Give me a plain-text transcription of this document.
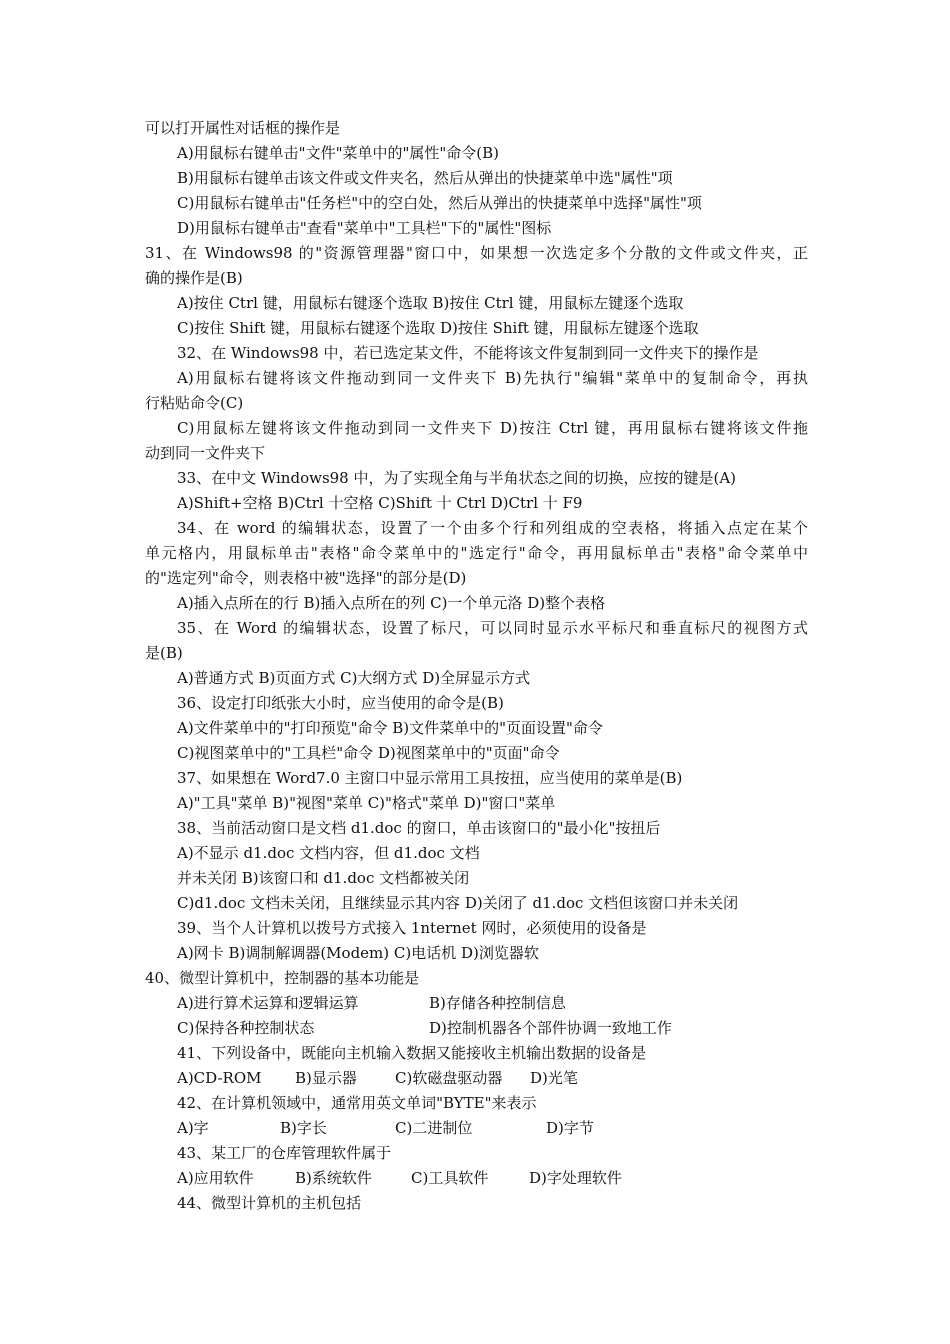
可以打开属性对话框的操作是
A)用鼠标右键单击"文件"菜单中的"属性"命令(B)
B)用鼠标右键单击该文件或文件夹名，然后从弹出的快捷菜单中选"属性"项
C)用鼠标右键单击"任务栏"中的空白处，然后从弹出的快捷菜单中选择"属性"项
D)用鼠标右键单击"查看"菜单中"工具栏"下的"属性"图标
31、在 Windows98 的"资源管理器"窗口中，如果想一次选定多个分散的文件或文件夹，正
确的操作是(B)
A)按住 Ctrl 键，用鼠标右键逐个选取 B)按住 Ctrl 键，用鼠标左键逐个选取
C)按住 Shift 键，用鼠标右键逐个选取 D)按住 Shift 键，用鼠标左键逐个选取
32、在 Windows98 中，若已选定某文件，不能将该文件复制到同一文件夹下的操作是
A)用鼠标右键将该文件拖动到同一文件夹下 B)先执行"编辑"菜单中的复制命令，再执
行粘贴命令(C)
C)用鼠标左键将该文件拖动到同一文件夹下 D)按注 Ctrl 键，再用鼠标右键将该文件拖
动到同一文件夹下
33、在中文 Windows98 中，为了实现全角与半角状态之间的切换，应按的键是(A)
A)Shift+空格 B)Ctrl 十空格 C)Shift 十 Ctrl D)Ctrl 十 F9
34、在 word 的编辑状态，设置了一个由多个行和列组成的空表格，将插入点定在某个
单元格内，用鼠标单击"表格"命令菜单中的"选定行"命令，再用鼠标单击"表格"命令菜单中
的"选定列"命令，则表格中被"选择"的部分是(D)
A)插入点所在的行 B)插入点所在的列 C)一个单元洛 D)整个表格
35、在 Word 的编辑状态，设置了标尺，可以同时显示水平标尺和垂直标尺的视图方式
是(B)
A)普通方式 B)页面方式 C)大纲方式 D)全屏显示方式
36、设定打印纸张大小时，应当使用的命令是(B)
A)文件菜单中的"打印预览"命令 B)文件菜单中的"页面设置"命令
C)视图菜单中的"工具栏"命令 D)视图菜单中的"页面"命令
37、如果想在 Word7.0 主窗口中显示常用工具按扭，应当使用的菜单是(B)
A)"工具"菜单 B)"视图"菜单 C)"格式"菜单 D)"窗口"菜单
38、当前活动窗口是文档 d1.doc 的窗口，单击该窗口的"最小化"按扭后
A)不显示 d1.doc 文档内容，但 d1.doc 文档
并未关闭 B)该窗口和 d1.doc 文档都被关闭
C)d1.doc 文档未关闭，且继续显示其内容 D)关闭了 d1.doc 文档但该窗口并未关闭
39、当个人计算机以拨号方式接入 1nternet 网时，必须使用的设备是
A)网卡 B)调制解调器(Modem) C)电话机 D)浏览器软
40、微型计算机中，控制器的基本功能是
A)进行算术运算和逻辑运算	B)存储各种控制信息
C)保持各种控制状态	D)控制机器各个部件协调一致地工作
41、下列设备中，既能向主机输入数据又能接收主机输出数据的设备是
A)CD-ROM B)显示器	C)软磁盘驱动器 D)光笔
42、在计算机领域中，通常用英文单词"BYTE"来表示
A)字	B)字长	C)二进制位	D)字节
43、某工厂的仓库管理软件属于
A)应用软件	B)系统软件	C)工具软件	D)字处理软件
44、微型计算机的主机包括
